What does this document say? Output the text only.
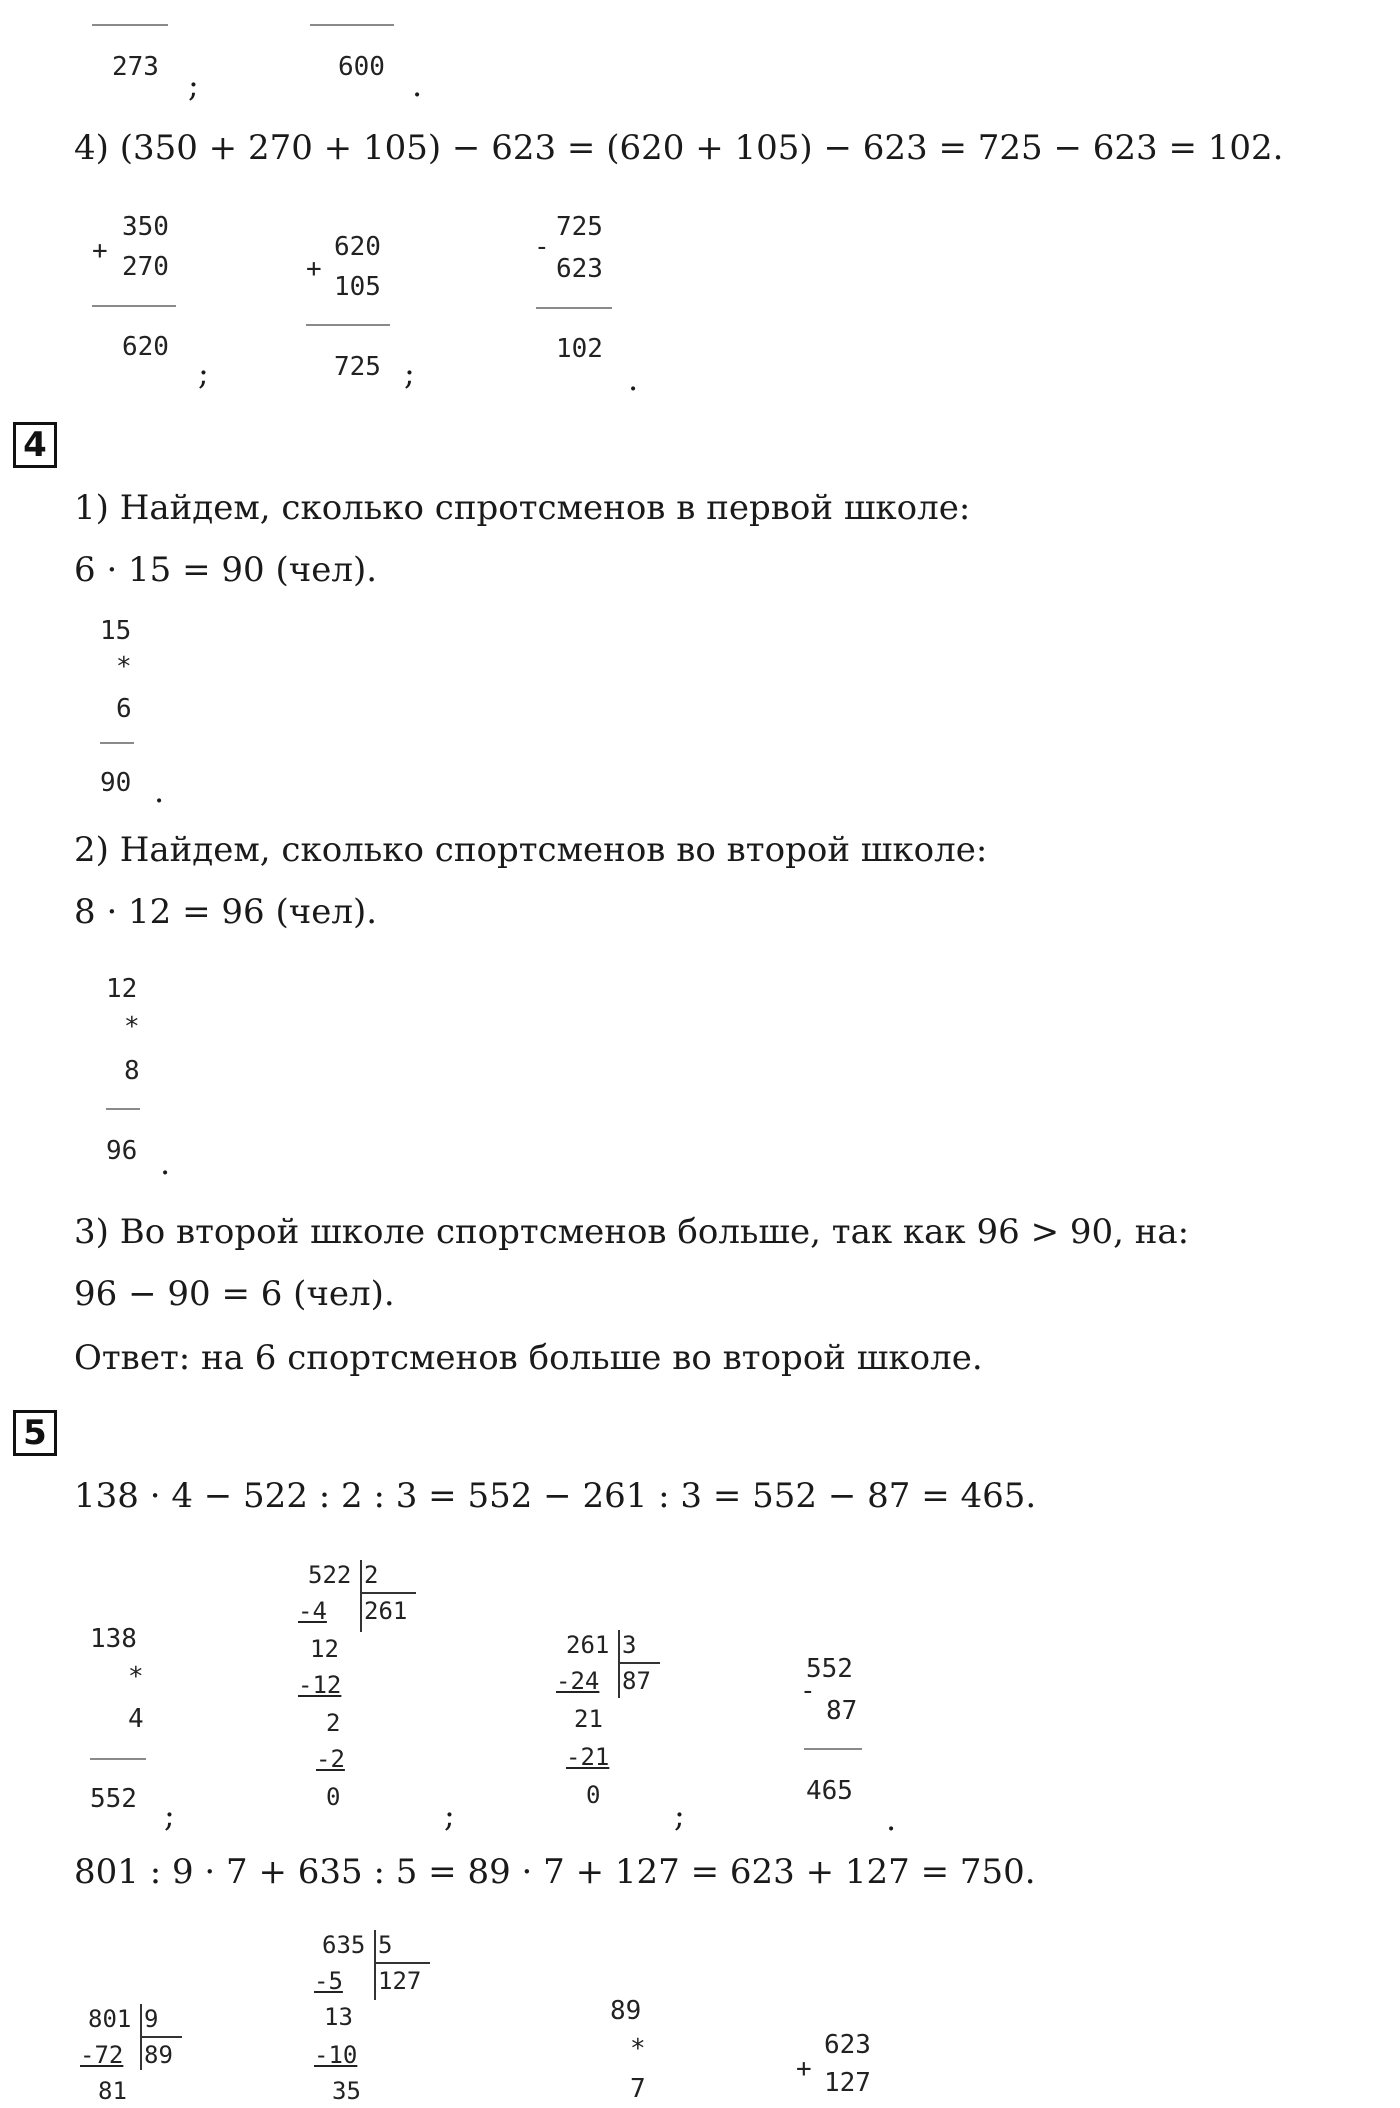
273 ;	600 .
4) (350 + 270 + 105) − 623 = (620 + 105) − 623 = 725 − 623 = 102.
+
350
270
620
;
+
620
105
725 ;
-
725
623
102
.
4
1) Найдем, сколько спротсменов в первой школе:
6 · 15 = 90 (чел).
15
*
6
90 .
2) Найдем, сколько спортсменов во второй школе:
8 · 12 = 96 (чел).
12
*
8
96 .
3) Во второй школе спортсменов больше, так как 96 > 90, на:
96 − 90 = 6 (чел).
Ответ: на 6 спортсменов больше во второй школе.
5
138 · 4 − 522 : 2 : 3 = 552 − 261 : 3 = 552 − 87 = 465.
138
*
4
552 ;
522 2
261
-4
12
-12
2
-2
0	;
261 3
87
-24
21
-21
0
;
-
552
87
465
.
801 : 9 · 7 + 635 : 5 = 89 · 7 + 127 = 623 + 127 = 750.
801 9
89
-72
81
635 5
127
-5
13
-10
35
89
*
7
+
623
127
